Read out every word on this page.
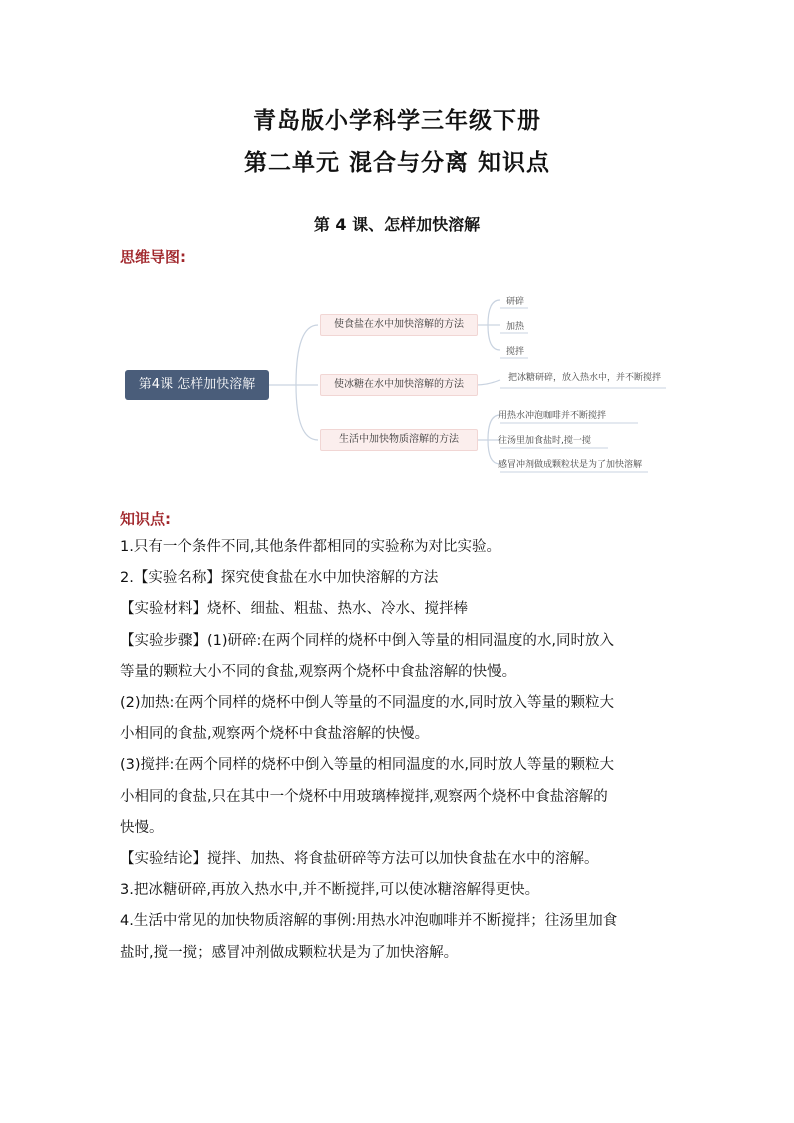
青岛版小学科学三年级下册
第二单元 混合与分离 知识点
第 4 课、怎样加快溶解
思维导图:
第4课 怎样加快溶解
使食盐在水中加快溶解的方法
使冰糖在水中加快溶解的方法
生活中加快物质溶解的方法
研碎
加热
搅拌
把冰糖研碎，放入热水中，并不断搅拌
用热水冲泡咖啡并不断搅拌
往汤里加食盐时,搅一搅
感冒冲剂做成颗粒状是为了加快溶解
知识点:

1.只有一个条件不同,其他条件都相同的实验称为对比实验。

2.【实验名称】探究使食盐在水中加快溶解的方法

【实验材料】烧杯、细盐、粗盐、热水、冷水、搅拌棒

【实验步骤】(1)研碎:在两个同样的烧杯中倒入等量的相同温度的水,同时放入

等量的颗粒大小不同的食盐,观察两个烧杯中食盐溶解的快慢。

(2)加热:在两个同样的烧杯中倒人等量的不同温度的水,同时放入等量的颗粒大

小相同的食盐,观察两个烧杯中食盐溶解的快慢。

(3)搅拌:在两个同样的烧杯中倒入等量的相同温度的水,同时放人等量的颗粒大

小相同的食盐,只在其中一个烧杯中用玻璃棒搅拌,观察两个烧杯中食盐溶解的

快慢。

【实验结论】搅拌、加热、将食盐研碎等方法可以加快食盐在水中的溶解。

3.把冰糖研碎,再放入热水中,并不断搅拌,可以使冰糖溶解得更快。

4.生活中常见的加快物质溶解的事例:用热水冲泡咖啡并不断搅拌；往汤里加食

盐时,搅一搅；感冒冲剂做成颗粒状是为了加快溶解。
